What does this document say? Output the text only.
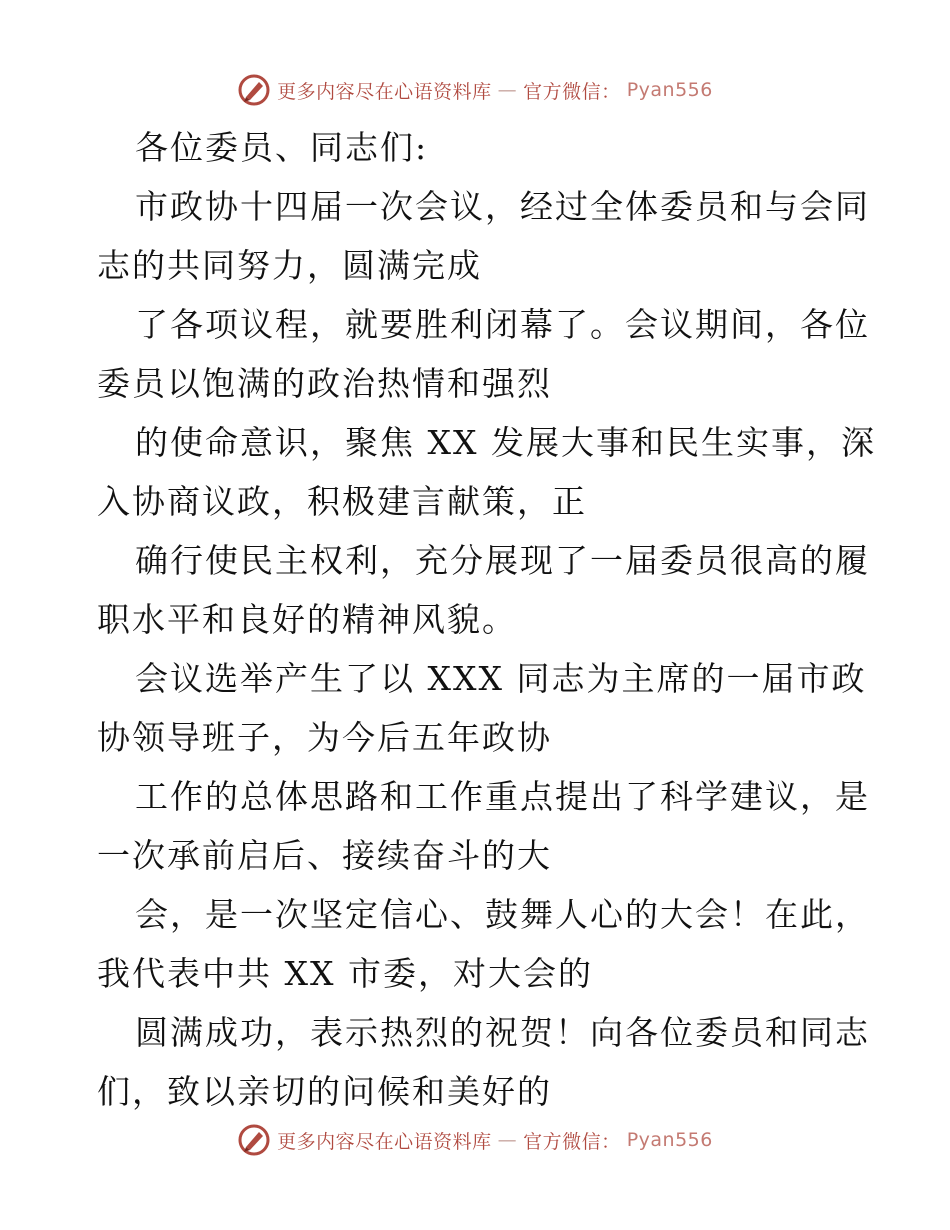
更多内容尽在心语资料库 — 官方微信： Pyan556
各位委员、同志们:
市政协十四届一次会议，经过全体委员和与会同
志的共同努力，圆满完成
了各项议程，就要胜利闭幕了。会议期间，各位
委员以饱满的政治热情和强烈
的使命意识，聚焦 XX 发展大事和民生实事，深
入协商议政，积极建言献策，正
确行使民主权利，充分展现了一届委员很高的履
职水平和良好的精神风貌。
会议选举产生了以 XXX 同志为主席的一届市政
协领导班子，为今后五年政协
工作的总体思路和工作重点提出了科学建议，是
一次承前启后、接续奋斗的大
会，是一次坚定信心、鼓舞人心的大会！在此，
我代表中共 XX 市委，对大会的
圆满成功，表示热烈的祝贺！向各位委员和同志
们，致以亲切的问候和美好的
更多内容尽在心语资料库 — 官方微信： Pyan556
